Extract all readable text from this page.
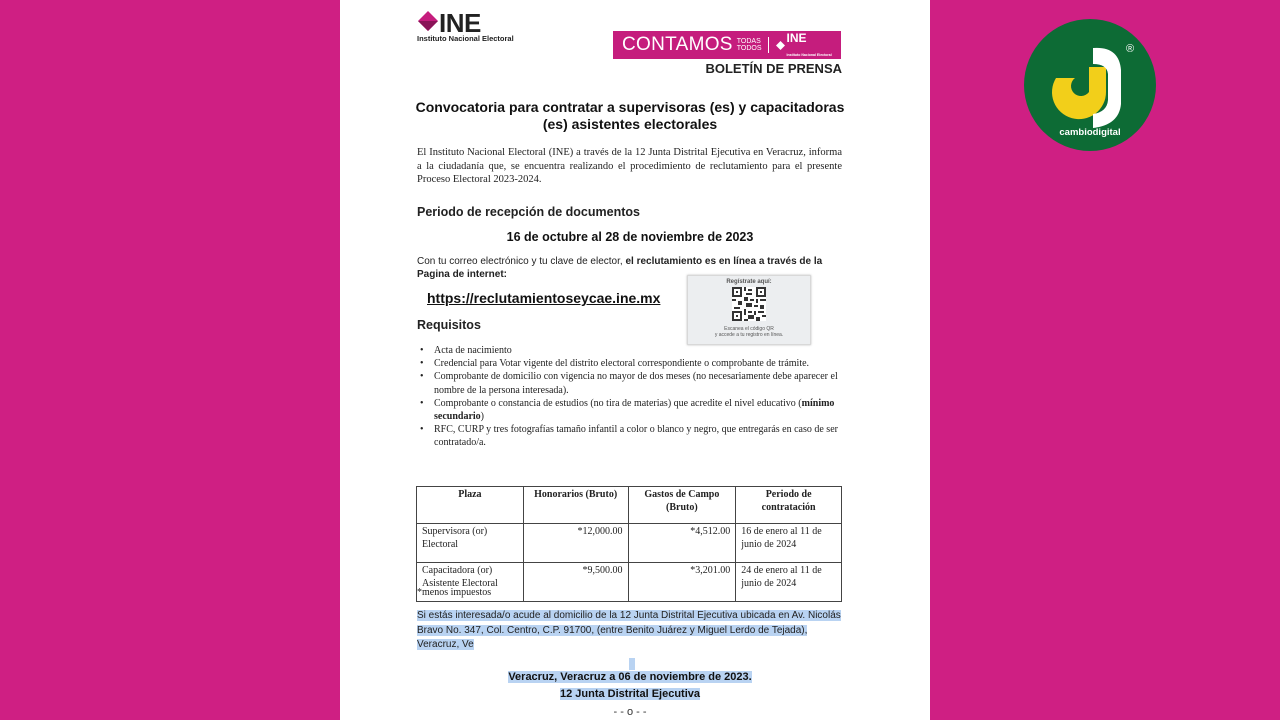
INE
Instituto Nacional Electoral	CONTAMOS TODAS
TODOS
INE
Instituto Nacional Electoral
BOLETÍN DE PRENSA
Convocatoria para contratar a supervisoras (es) y capacitadoras
(es) asistentes electorales
El Instituto Nacional Electoral (INE) a través de la 12 Junta Distrital Ejecutiva en Veracruz, informa a la ciudadanía que, se encuentra realizando el procedimiento de reclutamiento para el presente Proceso Electoral 2023-2024.
Periodo de recepción de documentos
16 de octubre al 28 de noviembre de 2023
Con tu correo electrónico y tu clave de elector, el reclutamiento es en línea a través de la Pagina de internet:
https://reclutamientoseycae.ine.mx
Regístrate aquí:
Escanea el código QR
y accede a tu registro en línea.
Requisitos
• Acta de nacimiento
• Credencial para Votar vigente del distrito electoral correspondiente o comprobante de trámite.
• Comprobante de domicilio con vigencia no mayor de dos meses (no necesariamente debe aparecer el nombre de la persona interesada).
• Comprobante o constancia de estudios (no tira de materias) que acredite el nivel educativo (mínimo secundario)
• RFC, CURP y tres fotografías tamaño infantil a color o blanco y negro, que entregarás en caso de ser contratado/a.
Plaza	Honorarios (Bruto)	Gastos de Campo (Bruto)	Periodo de contratación
Supervisora (or) Electoral	*12,000.00	*4,512.00	16 de enero al 11 de junio de 2024
Capacitadora (or) Asistente Electoral	*9,500.00	*3,201.00	24 de enero al 11 de junio de 2024
*menos impuestos
Si estás interesada/o acude al domicilio de la 12 Junta Distrital Ejecutiva ubicada en Av. Nicolás Bravo No. 347, Col. Centro, C.P. 91700, (entre Benito Juárez y Miguel Lerdo de Tejada), Veracruz, Ve
Veracruz, Veracruz a 06 de noviembre de 2023.
12 Junta Distrital Ejecutiva
- - o - -
cambiodigital
®
